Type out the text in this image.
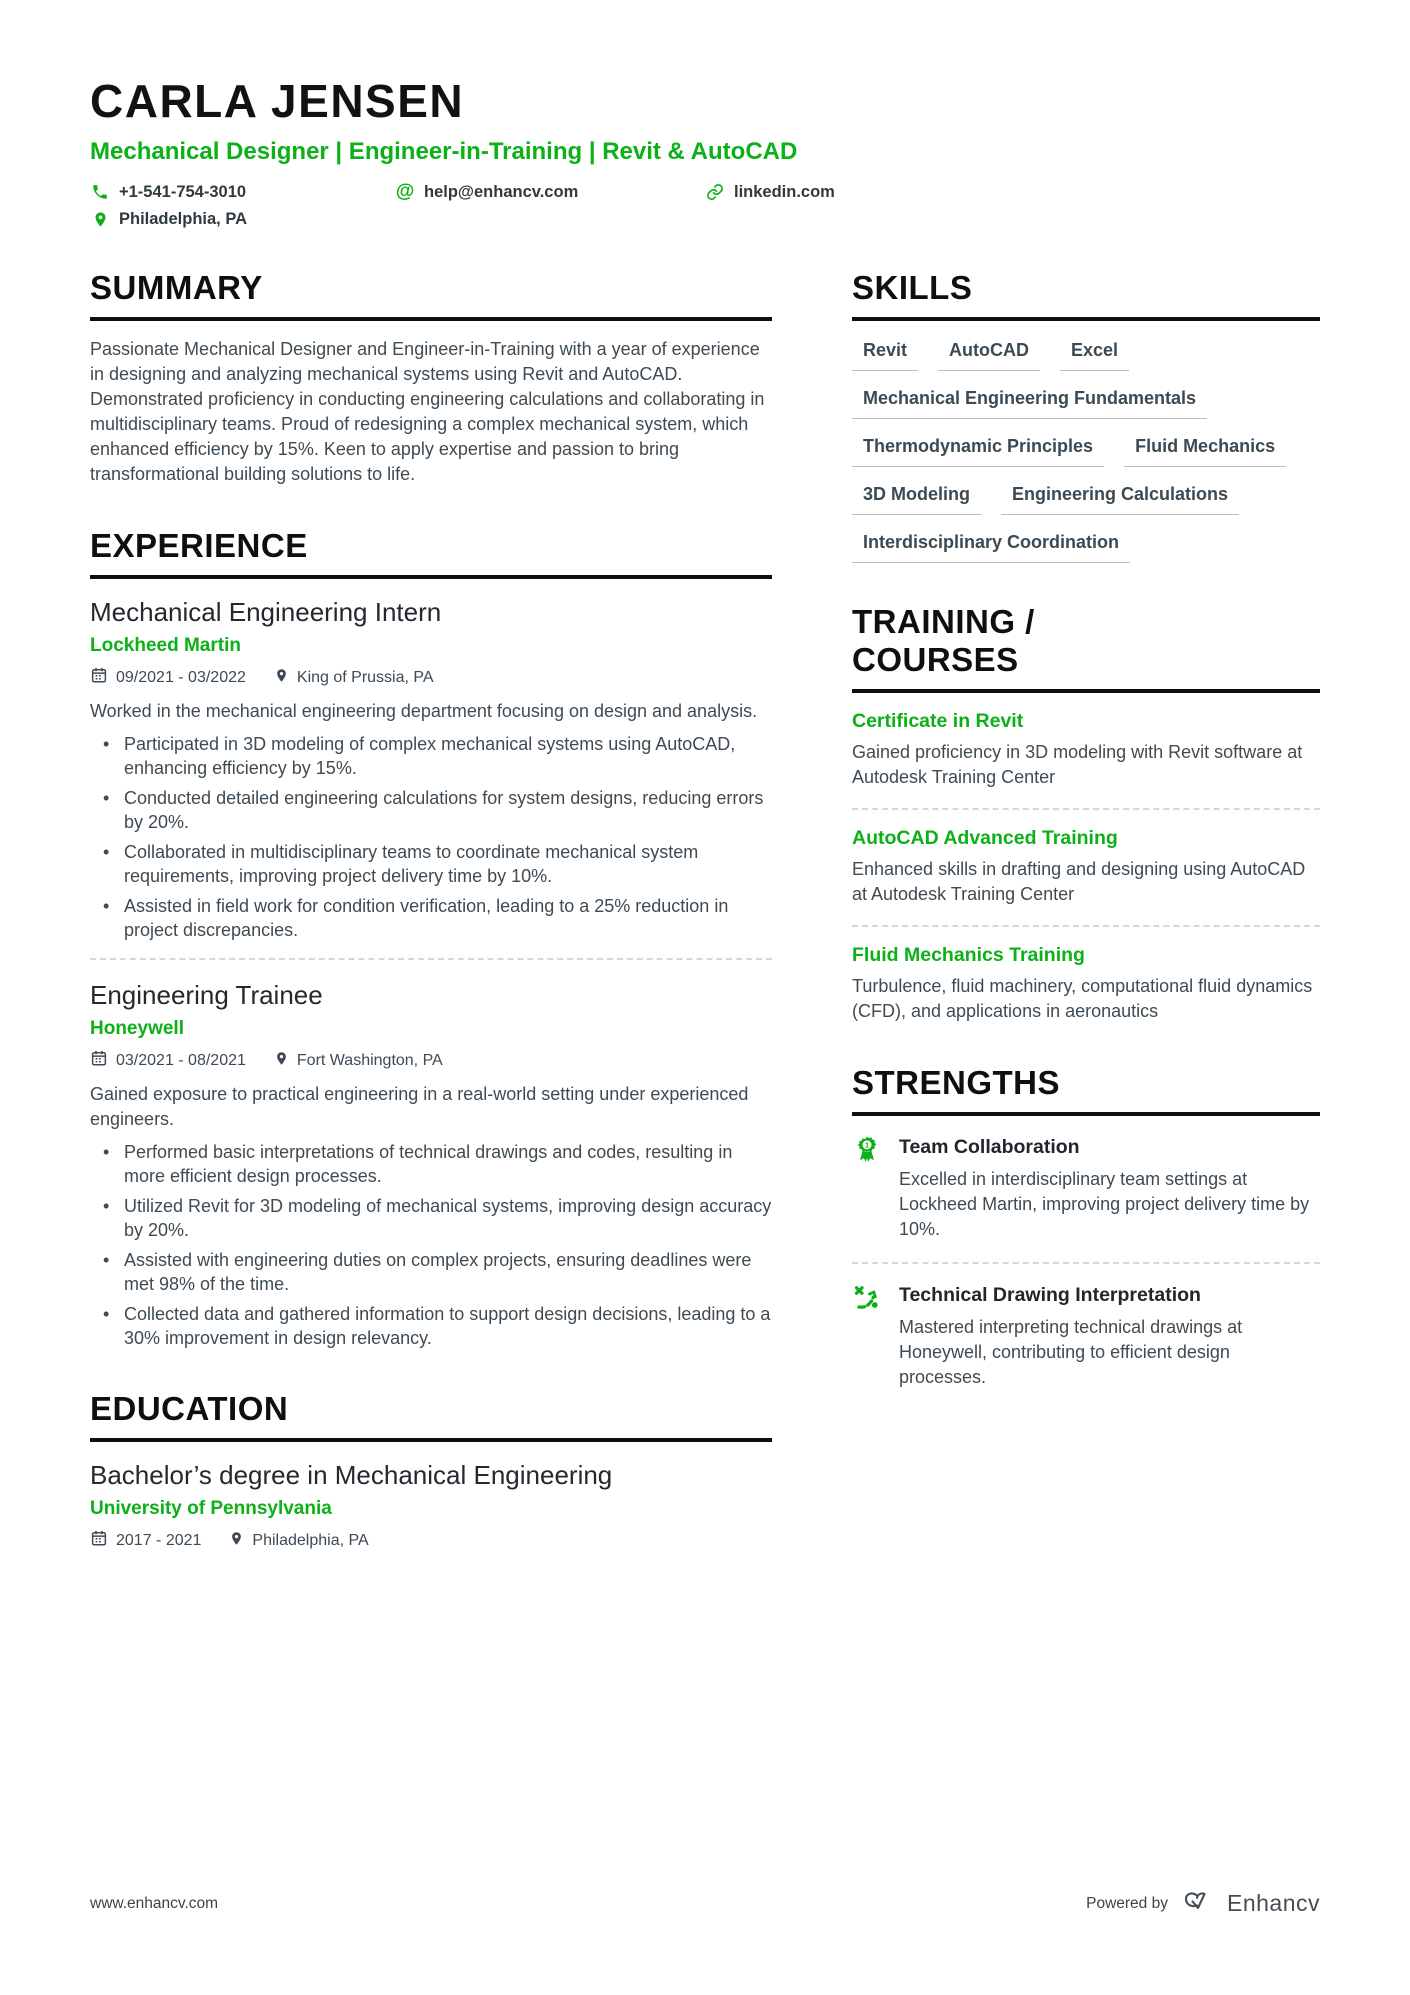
CARLA JENSEN
Mechanical Designer | Engineer-in-Training | Revit & AutoCAD
+1-541-754-3010	@ help@enhancv.com	linkedin.com
Philadelphia, PA
SUMMARY

Passionate Mechanical Designer and Engineer-in-Training with a year of experience in designing and analyzing mechanical systems using Revit and AutoCAD. Demonstrated proficiency in conducting engineering calculations and collaborating in multidisciplinary teams. Proud of redesigning a complex mechanical system, which enhanced efficiency by 15%. Keen to apply expertise and passion to bring transformational building solutions to life.

EXPERIENCE
Mechanical Engineering Intern
Lockheed Martin
09/2021 - 03/2022	King of Prussia, PA

Worked in the mechanical engineering department focusing on design and analysis.

• Participated in 3D modeling of complex mechanical systems using AutoCAD, enhancing efficiency by 15%.
• Conducted detailed engineering calculations for system designs, reducing errors by 20%.
• Collaborated in multidisciplinary teams to coordinate mechanical system requirements, improving project delivery time by 10%.
• Assisted in field work for condition verification, leading to a 25% reduction in project discrepancies.
Engineering Trainee
Honeywell
03/2021 - 08/2021	Fort Washington, PA

Gained exposure to practical engineering in a real-world setting under experienced engineers.

• Performed basic interpretations of technical drawings and codes, resulting in more efficient design processes.
• Utilized Revit for 3D modeling of mechanical systems, improving design accuracy by 20%.
• Assisted with engineering duties on complex projects, ensuring deadlines were met 98% of the time.
• Collected data and gathered information to support design decisions, leading to a 30% improvement in design relevancy.
EDUCATION
Bachelor’s degree in Mechanical Engineering
University of Pennsylvania
2017 - 2021	Philadelphia, PA
SKILLS
Revit	AutoCAD	Excel
Mechanical Engineering Fundamentals
Thermodynamic Principles	Fluid Mechanics
3D Modeling	Engineering Calculations
Interdisciplinary Coordination
TRAINING / COURSES
Certificate in Revit

Gained proficiency in 3D modeling with Revit software at Autodesk Training Center

AutoCAD Advanced Training

Enhanced skills in drafting and designing using AutoCAD at Autodesk Training Center

Fluid Mechanics Training

Turbulence, fluid machinery, computational fluid dynamics (CFD), and applications in aeronautics

STRENGTHS
1 Team Collaboration

Excelled in interdisciplinary team settings at Lockheed Martin, improving project delivery time by 10%.

Technical Drawing Interpretation

Mastered interpreting technical drawings at Honeywell, contributing to efficient design processes.

www.enhancv.com	Powered by	Enhancv
